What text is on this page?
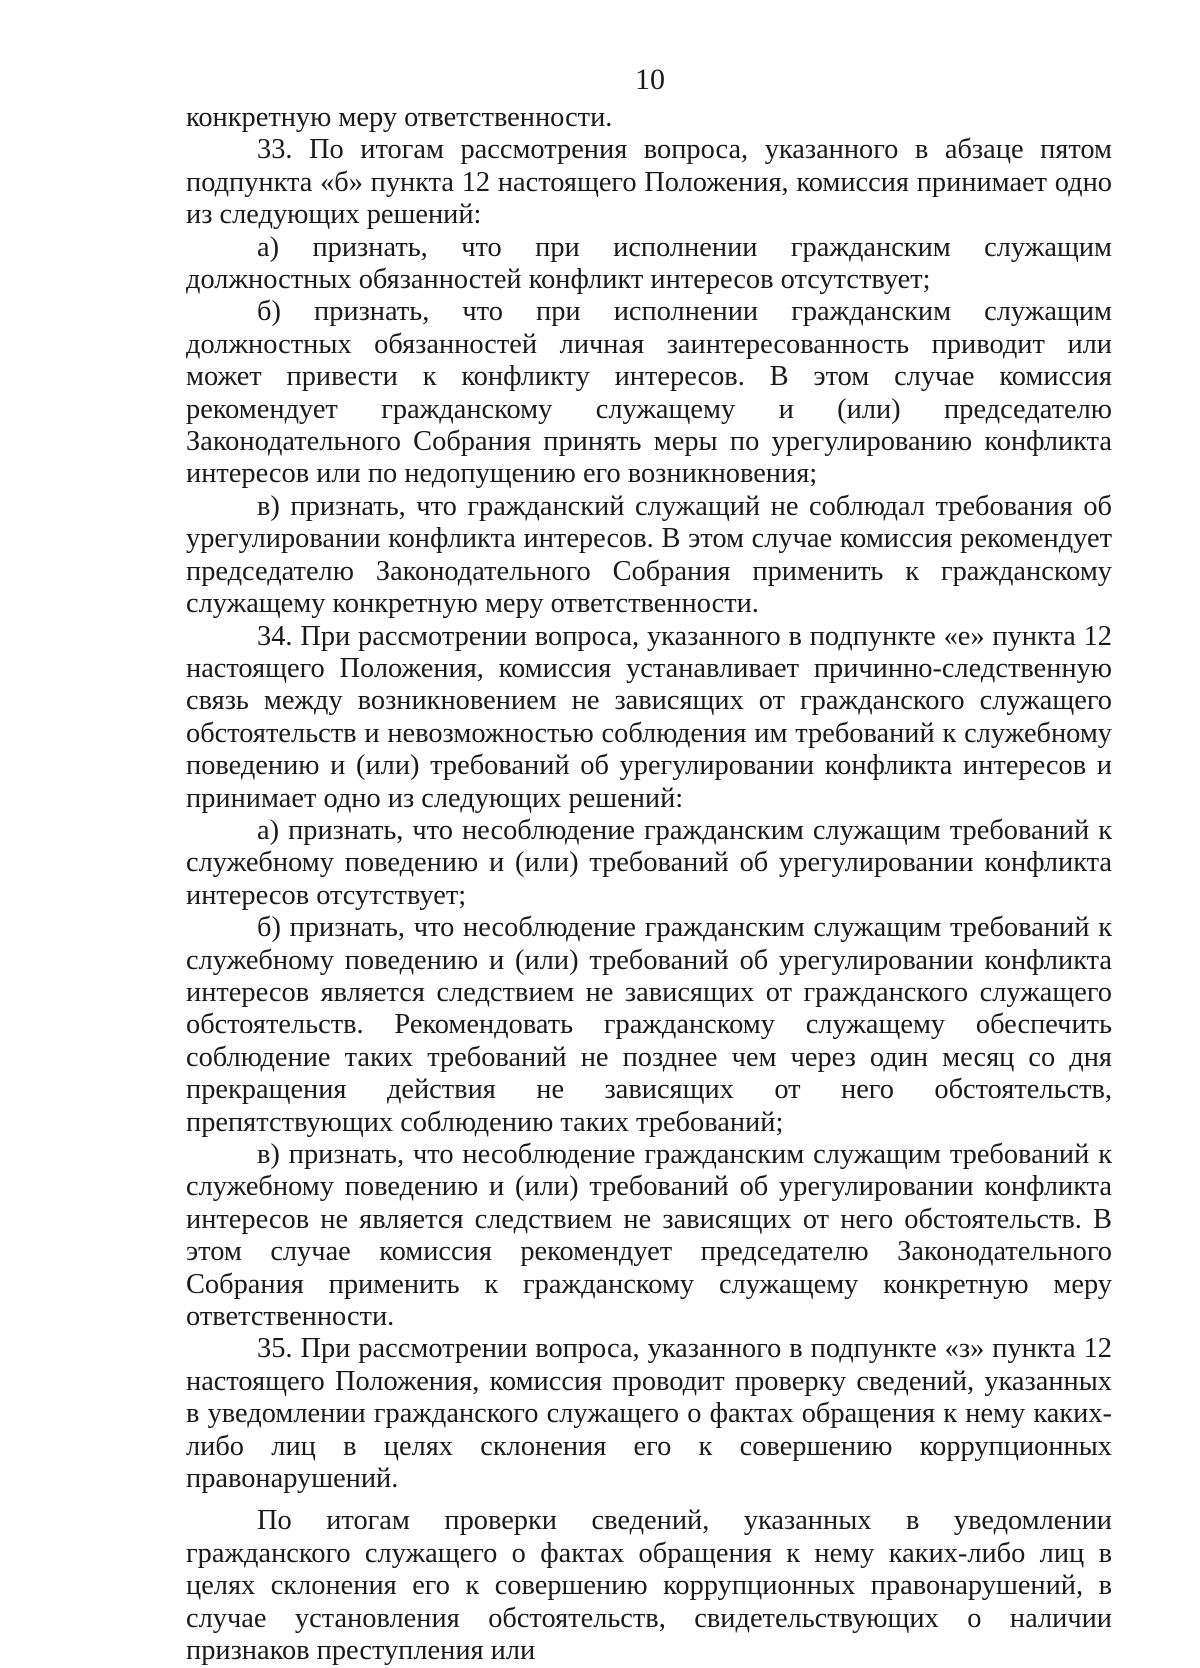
10

конкретную меру ответственности.

33. По итогам рассмотрения вопроса, указанного в абзаце пятом подпункта «б» пункта 12 настоящего Положения, комиссия принимает одно из следующих решений:

а) признать, что при исполнении гражданским служащим должностных обязанностей конфликт интересов отсутствует;

б) признать, что при исполнении гражданским служащим должностных обязанностей личная заинтересованность приводит или может привести к конфликту интересов. В этом случае комиссия рекомендует гражданскому служащему и (или) председателю Законодательного Собрания принять меры по урегулированию конфликта интересов или по недопущению его возникновения;

в) признать, что гражданский служащий не соблюдал требования об урегулировании конфликта интересов. В этом случае комиссия рекомендует председателю Законодательного Собрания применить к гражданскому служащему конкретную меру ответственности.

34. При рассмотрении вопроса, указанного в подпункте «е» пункта 12 настоящего Положения, комиссия устанавливает причинно-следственную связь между возникновением не зависящих от гражданского служащего обстоятельств и невозможностью соблюдения им требований к служебному поведению и (или) требований об урегулировании конфликта интересов и принимает одно из следующих решений:

а) признать, что несоблюдение гражданским служащим требований к служебному поведению и (или) требований об урегулировании конфликта интересов отсутствует;

б) признать, что несоблюдение гражданским служащим требований к служебному поведению и (или) требований об урегулировании конфликта интересов является следствием не зависящих от гражданского служащего обстоятельств. Рекомендовать гражданскому служащему обеспечить соблюдение таких требований не позднее чем через один месяц со дня прекращения действия не зависящих от него обстоятельств, препятствующих соблюдению таких требований;

в) признать, что несоблюдение гражданским служащим требований к служебному поведению и (или) требований об урегулировании конфликта интересов не является следствием не зависящих от него обстоятельств. В этом случае комиссия рекомендует председателю Законодательного Собрания применить к гражданскому служащему конкретную меру ответственности.

35. При рассмотрении вопроса, указанного в подпункте «з» пункта 12 настоящего Положения, комиссия проводит проверку сведений, указанных в уведомлении гражданского служащего о фактах обращения к нему каких-либо лиц в целях склонения его к совершению коррупционных правонарушений.

По итогам проверки сведений, указанных в уведомлении гражданского служащего о фактах обращения к нему каких-либо лиц в целях склонения его к совершению коррупционных правонарушений, в случае установления обстоятельств, свидетельствующих о наличии признаков преступления или
